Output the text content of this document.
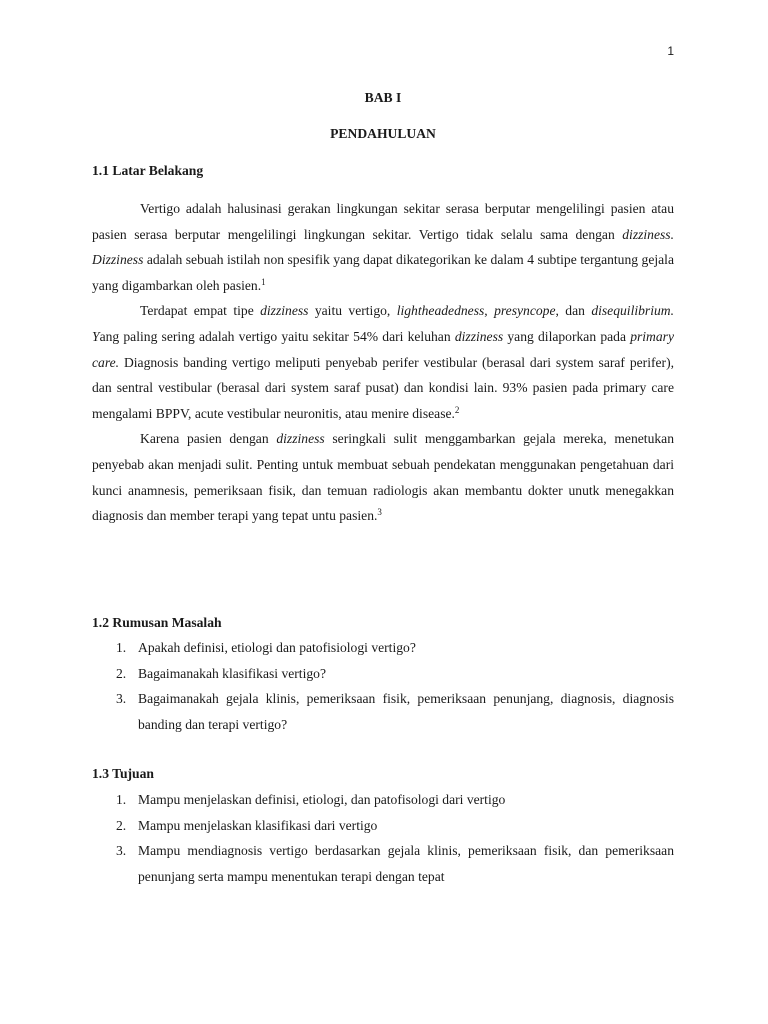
1
BAB I
PENDAHULUAN
1.1 Latar Belakang

Vertigo adalah halusinasi gerakan lingkungan sekitar serasa berputar mengelilingi pasien atau pasien serasa berputar mengelilingi lingkungan sekitar. Vertigo tidak selalu sama dengan dizziness. Dizziness adalah sebuah istilah non spesifik yang dapat dikategorikan ke dalam 4 subtipe tergantung gejala yang digambarkan oleh pasien.$^1$

Terdapat empat tipe dizziness yaitu vertigo, lightheadedness, presyncope, dan disequilibrium. Yang paling sering adalah vertigo yaitu sekitar 54% dari keluhan dizziness yang dilaporkan pada primary care. Diagnosis banding vertigo meliputi penyebab perifer vestibular (berasal dari system saraf perifer), dan sentral vestibular (berasal dari system saraf pusat) dan kondisi lain. 93% pasien pada primary care mengalami BPPV, acute vestibular neuronitis, atau menire disease.$^2$

Karena pasien dengan dizziness seringkali sulit menggambarkan gejala mereka, menetukan penyebab akan menjadi sulit. Penting untuk membuat sebuah pendekatan menggunakan pengetahuan dari kunci anamnesis, pemeriksaan fisik, dan temuan radiologis akan membantu dokter unutk menegakkan diagnosis dan member terapi yang tepat untu pasien.$^3$

1.2 Rumusan Masalah
1. Apakah definisi, etiologi dan patofisiologi vertigo?
2. Bagaimanakah klasifikasi vertigo?
3. Bagaimanakah gejala klinis, pemeriksaan fisik, pemeriksaan penunjang, diagnosis, diagnosis banding dan terapi vertigo?
1.3 Tujuan
1. Mampu menjelaskan definisi, etiologi, dan patofisologi dari vertigo
2. Mampu menjelaskan klasifikasi dari vertigo
3. Mampu mendiagnosis vertigo berdasarkan gejala klinis, pemeriksaan fisik, dan pemeriksaan penunjang serta mampu menentukan terapi dengan tepat
